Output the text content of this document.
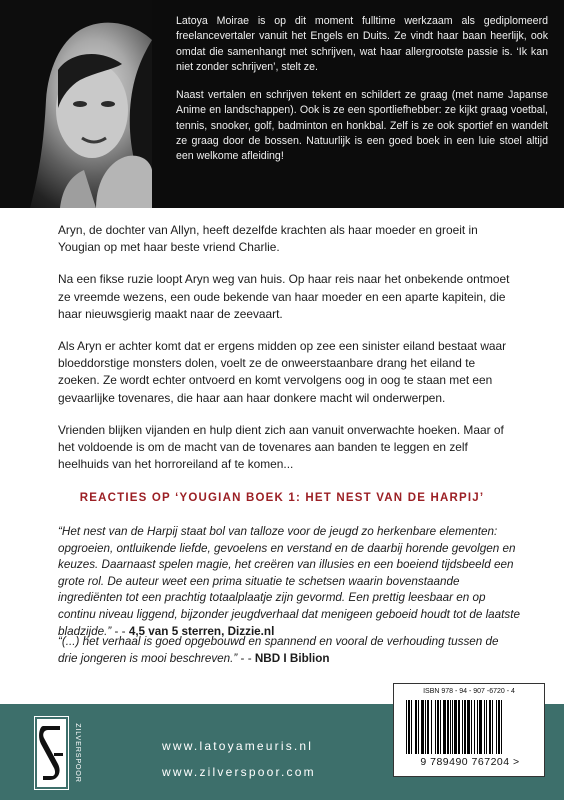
Latoya Moirae is op dit moment fulltime werkzaam als gediplomeerd freelancevertaler vanuit het Engels en Duits. Ze vindt haar baan heerlijk, ook omdat die samenhangt met schrijven, wat haar allergrootste passie is. ‘Ik kan niet zonder schrijven’, stelt ze.

Naast vertalen en schrijven tekent en schildert ze graag (met name Japanse Anime en landschappen). Ook is ze een sportliefhebber: ze kijkt graag voetbal, tennis, snooker, golf, badminton en honkbal. Zelf is ze ook sportief en wandelt ze graag door de bossen. Natuurlijk is een goed boek in een luie stoel altijd een welkome afleiding!

Aryn, de dochter van Allyn, heeft dezelfde krachten als haar moeder en groeit in Yougian op met haar beste vriend Charlie.

Na een fikse ruzie loopt Aryn weg van huis. Op haar reis naar het onbekende ontmoet ze vreemde wezens, een oude bekende van haar moeder en een aparte kapitein, die haar nieuwsgierig maakt naar de zeevaart.

Als Aryn er achter komt dat er ergens midden op zee een sinister eiland bestaat waar bloeddorstige monsters dolen, voelt ze de onweerstaanbare drang het eiland te zoeken. Ze wordt echter ontvoerd en komt vervolgens oog in oog te staan met een gevaarlijke tovenares, die haar aan haar donkere macht wil onderwerpen.

Vrienden blijken vijanden en hulp dient zich aan vanuit onverwachte hoeken. Maar of het voldoende is om de macht van de tovenares aan banden te leggen en zelf heelhuids van het horroreiland af te komen...

REACTIES OP ‘YOUGIAN BOEK 1: HET NEST VAN DE HARPIJ’
“Het nest van de Harpij staat bol van talloze voor de jeugd zo herkenbare elementen: opgroeien, ontluikende liefde, gevoelens en verstand en de daarbij horende gevolgen en keuzes. Daarnaast spelen magie, het creëren van illusies en een boeiend tijdsbeeld een grote rol. De auteur weet een prima situatie te schetsen waarin bovenstaande ingrediënten tot een prachtig totaalplaatje zijn gevormd. Een prettig leesbaar en op continu niveau liggend, bijzonder jeugdverhaal dat menigeen geboeid houdt tot de laatste bladzijde.” - - 4,5 van 5 sterren, Dizzie.nl
“(...) het verhaal is goed opgebouwd en spannend en vooral de verhouding tussen de drie jongeren is mooi beschreven.” - - NBD I Biblion
ZILVERSPOOR	www.latoyameuris.nl
www.zilverspoor.com
ISBN 978 - 94 - 907 -6720 - 4
9 789490 767204 >
